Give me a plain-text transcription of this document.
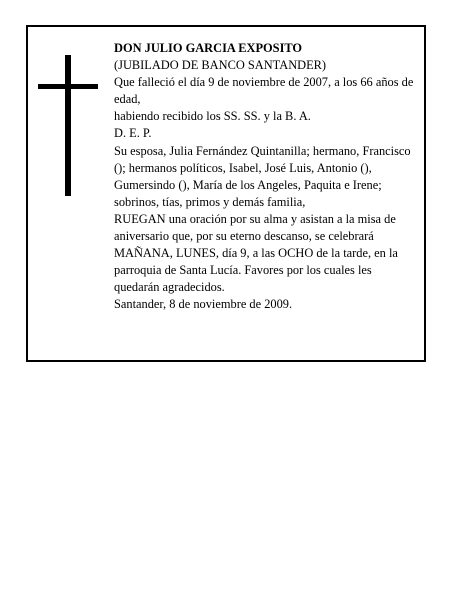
DON JULIO GARCIA EXPOSITO
(JUBILADO DE BANCO SANTANDER)
Que falleció el día 9 de noviembre de 2007, a los 66 años de edad,
habiendo recibido los SS. SS. y la B. A.
D. E. P.
Su esposa, Julia Fernández Quintanilla; hermano, Francisco (); hermanos políticos, Isabel, José Luis, Antonio (), Gumersindo (), María de los Angeles, Paquita e Irene; sobrinos, tías, primos y demás familia,
RUEGAN una oración por su alma y asistan a la misa de aniversario que, por su eterno descanso, se celebrará MAÑANA, LUNES, día 9, a las OCHO de la tarde, en la parroquia de Santa Lucía. Favores por los cuales les quedarán agradecidos.
Santander, 8 de noviembre de 2009.
